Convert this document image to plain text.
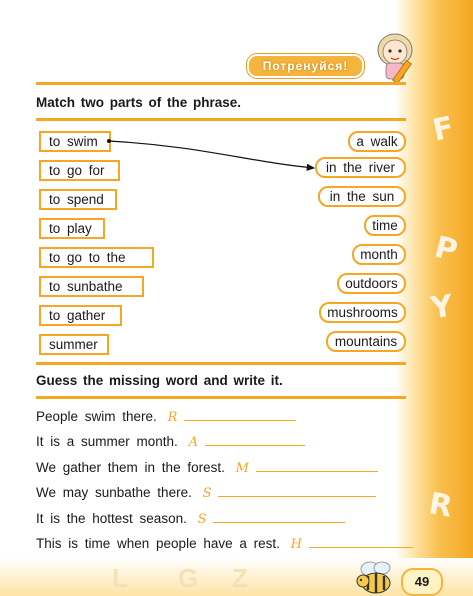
F
P
Y
R
L G Z
Потренуйся!
Match two parts of the phrase.
to swim
to go for
to spend
to play
to go to the
to sunbathe
to gather
summer
a walk
in the river
in the sun
time
month
outdoors
mushrooms
mountains
Guess the missing word and write it.
People swim there. R
It is a summer month. A
We gather them in the forest. M
We may sunbathe there. S
It is the hottest season. S
This is time when people have a rest. H
49
